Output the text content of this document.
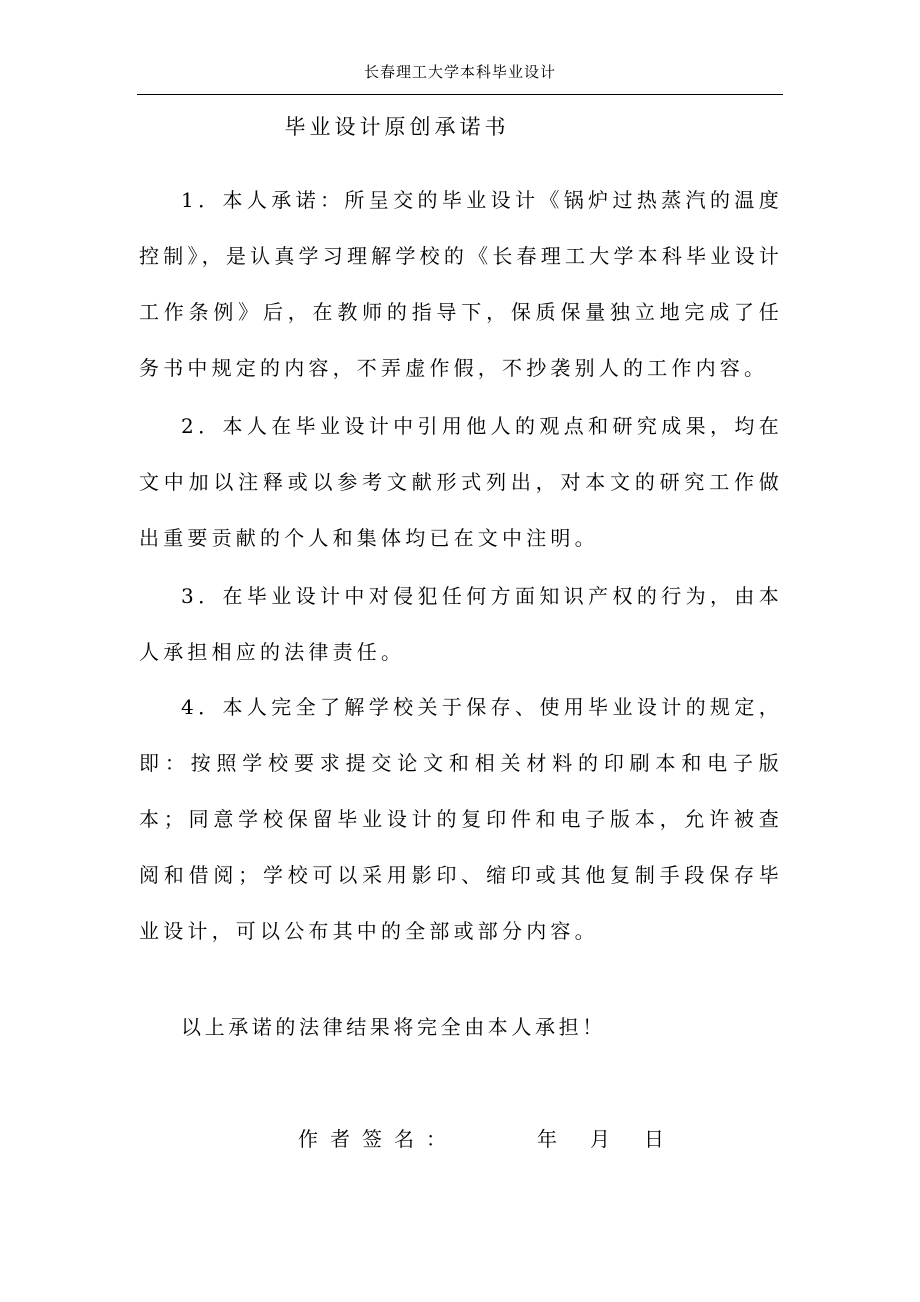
长春理工大学本科毕业设计
毕业设计原创承诺书

1．本人承诺：所呈交的毕业设计《锅炉过热蒸汽的温度控制》，是认真学习理解学校的《长春理工大学本科毕业设计工作条例》后，在教师的指导下，保质保量独立地完成了任务书中规定的内容，不弄虚作假，不抄袭别人的工作内容。

2．本人在毕业设计中引用他人的观点和研究成果，均在文中加以注释或以参考文献形式列出，对本文的研究工作做出重要贡献的个人和集体均已在文中注明。

3．在毕业设计中对侵犯任何方面知识产权的行为，由本人承担相应的法律责任。

4．本人完全了解学校关于保存、使用毕业设计的规定，即：按照学校要求提交论文和相关材料的印刷本和电子版本；同意学校保留毕业设计的复印件和电子版本，允许被查阅和借阅；学校可以采用影印、缩印或其他复制手段保存毕业设计，可以公布其中的全部或部分内容。

以上承诺的法律结果将完全由本人承担！
作者签名：	年 月 日
